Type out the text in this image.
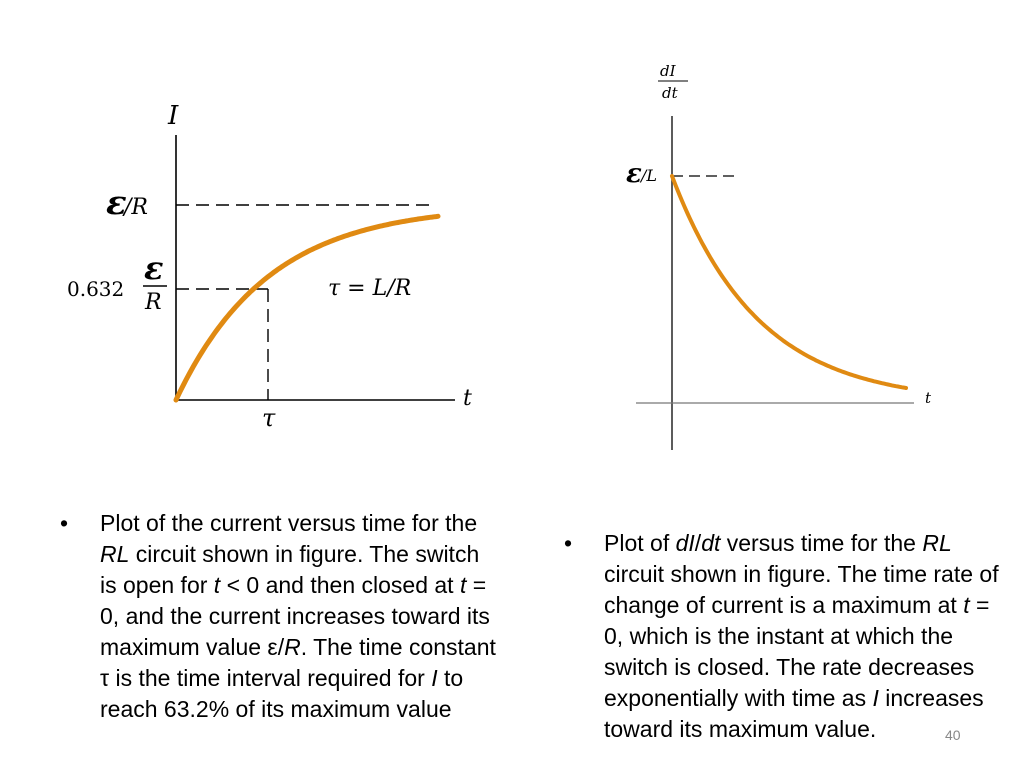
I
t
ε
/R
0.632
ε
R
τ = L/R
τ
dI
dt
ε /L
t
• Plot of the current versus time for the RL circuit shown in figure. The switch is open for t < 0 and then closed at t = 0, and the current increases toward its maximum value ε/R. The time constant τ is the time interval required for I to reach 63.2% of its maximum value
• Plot of dI/dt versus time for the RL circuit shown in figure. The time rate of change of current is a maximum at t = 0, which is the instant at which the switch is closed. The rate decreases exponentially with time as I increases toward its maximum value.	40
